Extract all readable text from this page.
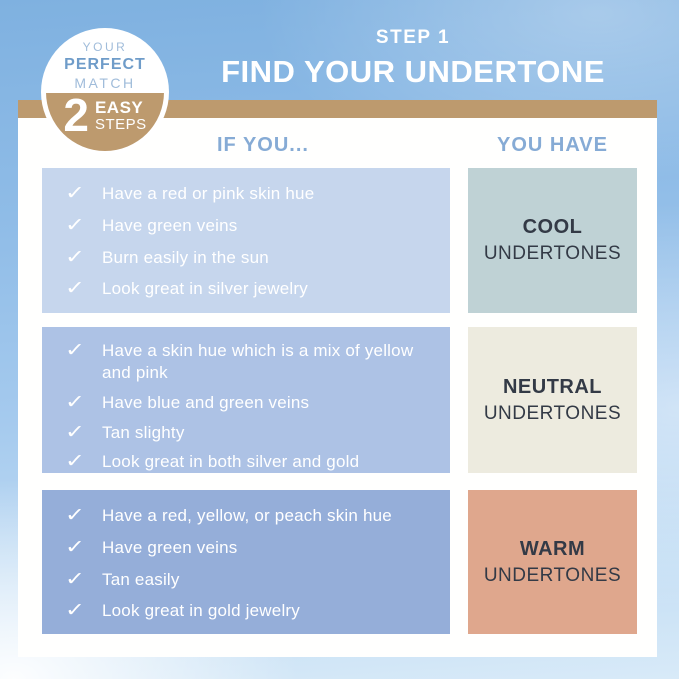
STEP 1
FIND YOUR UNDERTONE
YOUR
PERFECT
MATCH
2 EASY
STEPS
IF YOU...	YOU HAVE
✓ Have a red or pink skin hue
✓ Have green veins
✓ Burn easily in the sun
✓ Look great in silver jewelry
COOL
UNDERTONES
✓ Have a skin hue which is a mix of yellow and pink
✓ Have blue and green veins
✓ Tan slighty
✓ Look great in both silver and gold
NEUTRAL
UNDERTONES
✓ Have a red, yellow, or peach skin hue
✓ Have green veins
✓ Tan easily
✓ Look great in gold jewelry
WARM
UNDERTONES
